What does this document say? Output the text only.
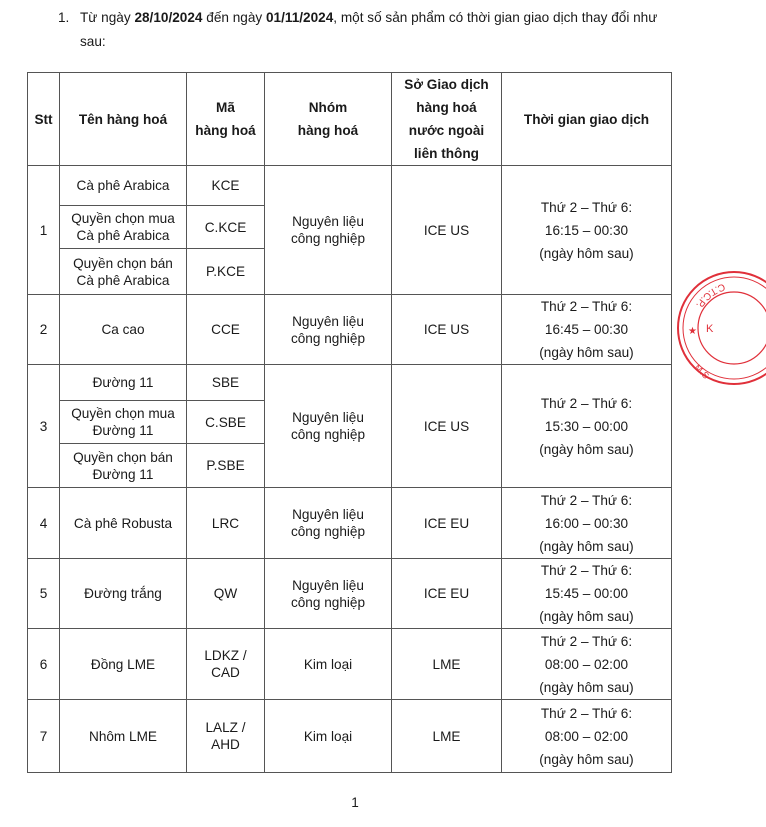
1. Từ ngày 28/10/2024 đến ngày 01/11/2024, một số sản phẩm có thời gian giao dịch thay đổi như sau:
Stt	Tên hàng hoá	Mã
hàng hoá	Nhóm
hàng hoá	Sở Giao dịch
hàng hoá
nước ngoài
liên thông	Thời gian giao dịch
1	Cà phê Arabica	KCE	Nguyên liệu
công nghiệp	ICE US	Thứ 2 – Thứ 6:
16:15 – 00:30
(ngày hôm sau)
	Quyền chọn mua
Cà phê Arabica	C.KCE			
	Quyền chọn bán
Cà phê Arabica	P.KCE			
2	Ca cao	CCE	Nguyên liệu
công nghiệp	ICE US	Thứ 2 – Thứ 6:
16:45 – 00:30
(ngày hôm sau)
3	Đường 11	SBE	Nguyên liệu
công nghiệp	ICE US	Thứ 2 – Thứ 6:
15:30 – 00:00
(ngày hôm sau)
	Quyền chọn mua
Đường 11	C.SBE			
	Quyền chọn bán
Đường 11	P.SBE			
4	Cà phê Robusta	LRC	Nguyên liệu
công nghiệp	ICE EU	Thứ 2 – Thứ 6:
16:00 – 00:30
(ngày hôm sau)
5	Đường trắng	QW	Nguyên liệu
công nghiệp	ICE EU	Thứ 2 – Thứ 6:
15:45 – 00:00
(ngày hôm sau)
6	Đồng LME	LDKZ / CAD	Kim loại	LME	Thứ 2 – Thứ 6:
08:00 – 02:00
(ngày hôm sau)
7	Nhôm LME	LALZ / AHD	Kim loại	LME	Thứ 2 – Thứ 6:
08:00 – 02:00
(ngày hôm sau)
C.T.C.P.
★
M.S
K
1
